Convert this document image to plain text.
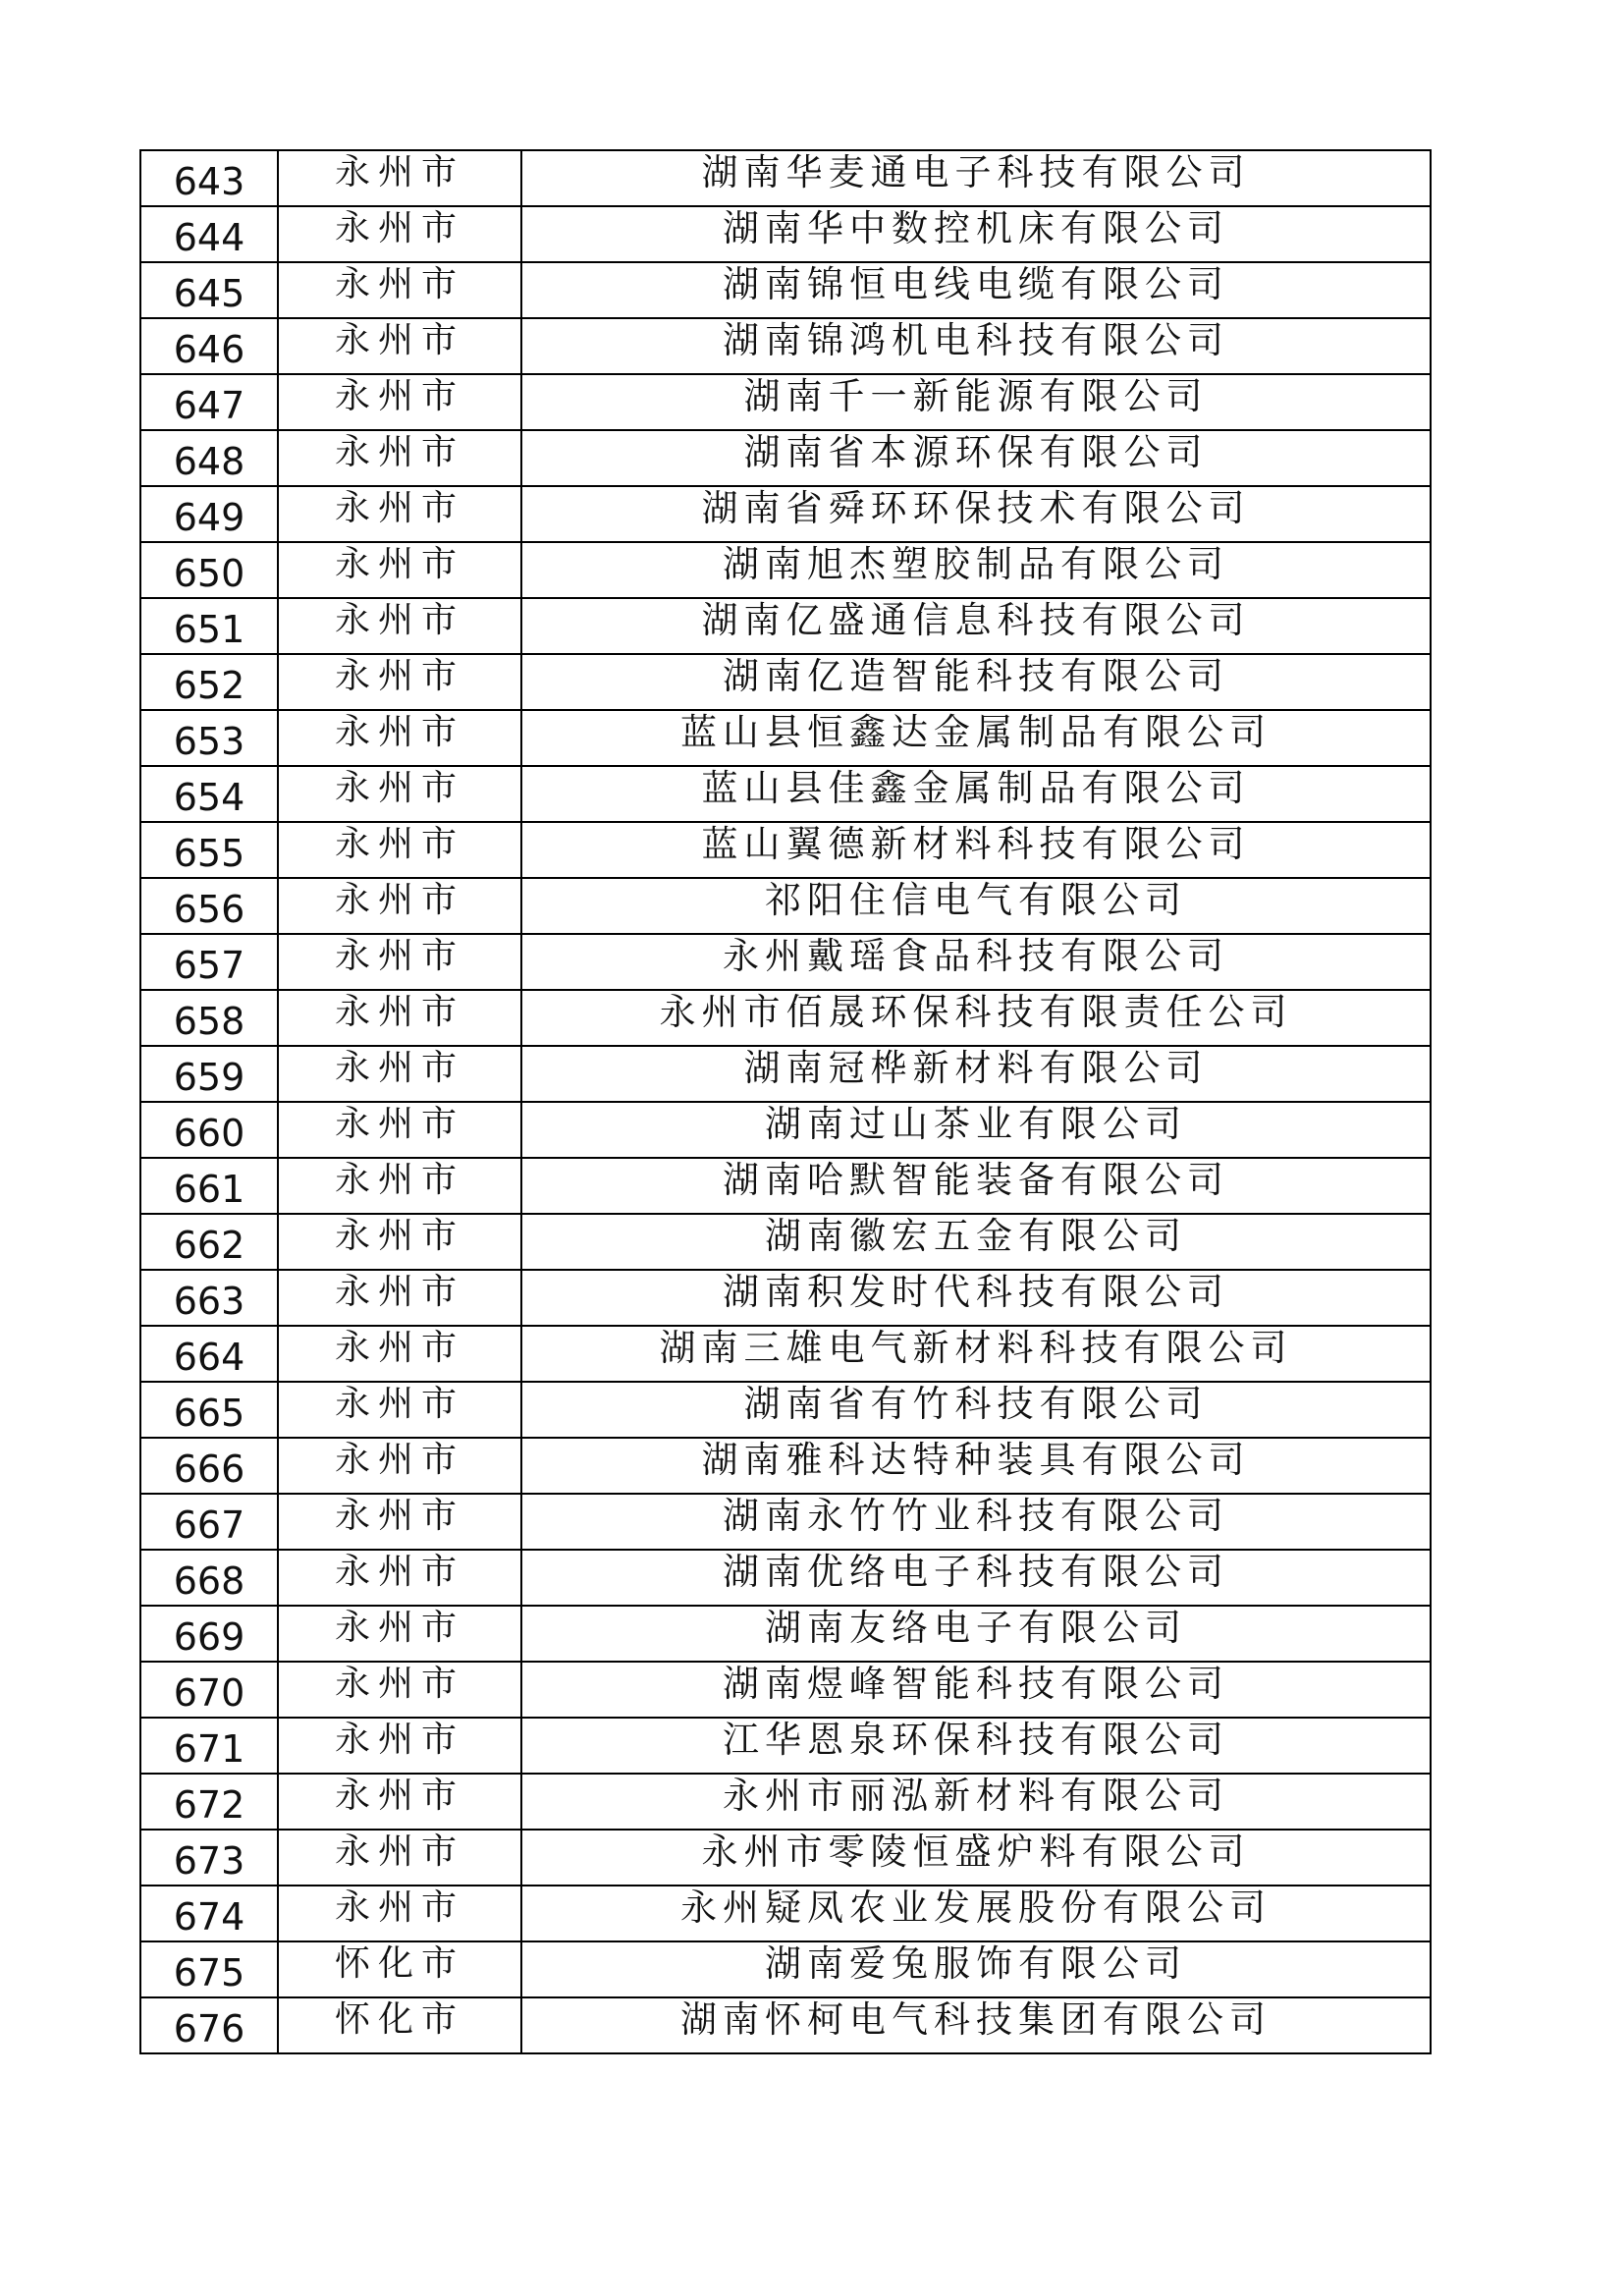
643	永州市	湖南华麦通电子科技有限公司
644	永州市	湖南华中数控机床有限公司
645	永州市	湖南锦恒电线电缆有限公司
646	永州市	湖南锦鸿机电科技有限公司
647	永州市	湖南千一新能源有限公司
648	永州市	湖南省本源环保有限公司
649	永州市	湖南省舜环环保技术有限公司
650	永州市	湖南旭杰塑胶制品有限公司
651	永州市	湖南亿盛通信息科技有限公司
652	永州市	湖南亿造智能科技有限公司
653	永州市	蓝山县恒鑫达金属制品有限公司
654	永州市	蓝山县佳鑫金属制品有限公司
655	永州市	蓝山翼德新材料科技有限公司
656	永州市	祁阳住信电气有限公司
657	永州市	永州戴瑶食品科技有限公司
658	永州市	永州市佰晟环保科技有限责任公司
659	永州市	湖南冠桦新材料有限公司
660	永州市	湖南过山茶业有限公司
661	永州市	湖南哈默智能装备有限公司
662	永州市	湖南徽宏五金有限公司
663	永州市	湖南积发时代科技有限公司
664	永州市	湖南三雄电气新材料科技有限公司
665	永州市	湖南省有竹科技有限公司
666	永州市	湖南雅科达特种装具有限公司
667	永州市	湖南永竹竹业科技有限公司
668	永州市	湖南优络电子科技有限公司
669	永州市	湖南友络电子有限公司
670	永州市	湖南煜峰智能科技有限公司
671	永州市	江华恩泉环保科技有限公司
672	永州市	永州市丽泓新材料有限公司
673	永州市	永州市零陵恒盛炉料有限公司
674	永州市	永州疑凤农业发展股份有限公司
675	怀化市	湖南爱兔服饰有限公司
676	怀化市	湖南怀柯电气科技集团有限公司
